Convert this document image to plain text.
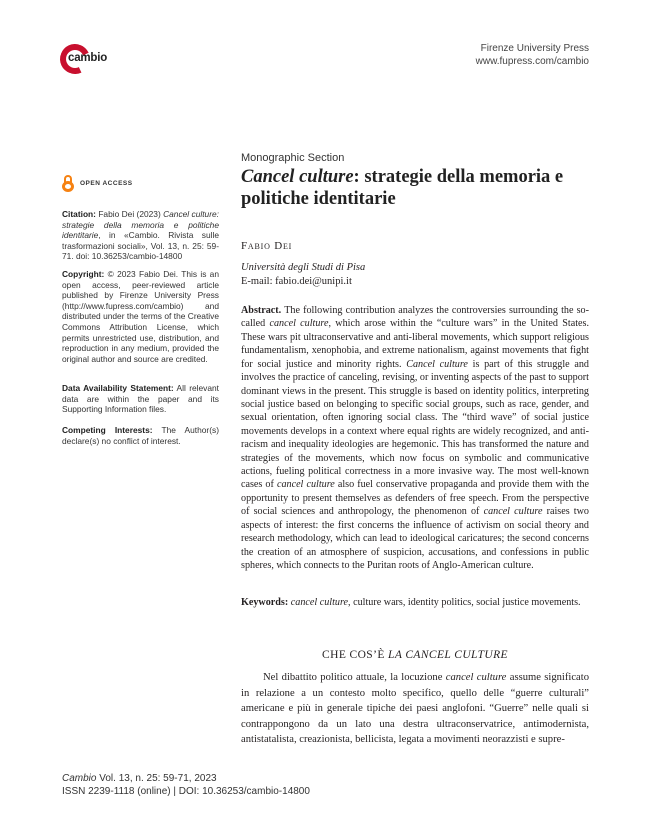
cambio
Firenze University Press
www.fupress.com/cambio
OPEN ACCESS
Citation: Fabio Dei (2023) Cancel culture: strategie della memoria e politiche identitarie, in «Cambio. Rivista sulle trasformazioni sociali», Vol. 13, n. 25: 59-71. doi: 10.36253/cambio-14800
Copyright: © 2023 Fabio Dei. This is an open access, peer-reviewed article published by Firenze University Press (http://www.fupress.com/cambio) and distributed under the terms of the Creative Commons Attribution License, which permits unrestricted use, distribution, and reproduction in any medium, provided the original author and source are credited.
Data Availability Statement: All relevant data are within the paper and its Supporting Information files.
Competing Interests: The Author(s) declare(s) no conflict of interest.
Monographic Section
Cancel culture: strategie della memoria e politiche identitarie
Fabio Dei
Università degli Studi di Pisa
E-mail: fabio.dei@unipi.it
Abstract. The following contribution analyzes the controversies surrounding the so-called cancel culture, which arose within the “culture wars” in the United States. These wars pit ultraconservative and anti-liberal movements, which support religious fundamentalism, xenophobia, and extreme nationalism, against movements that fight for social justice and minority rights. Cancel culture is part of this struggle and involves the practice of canceling, revising, or inventing aspects of the past to support dominant views in the present. This struggle is based on identity politics, interpreting social justice based on belonging to specific social groups, such as race, gender, and sexual orientation, often ignoring social class. The “third wave” of social justice movements develops in a context where equal rights are widely recognized, and anti-racism and inequality ideologies are hegemonic. This has transformed the nature and strategies of the movements, which now focus on symbolic and communicative actions, fueling political correctness in a more invasive way. The most well-known cases of cancel culture also fuel conservative propaganda and provide them with the opportunity to present themselves as defenders of free speech. From the perspective of social sciences and anthropology, the phenomenon of cancel culture raises two aspects of interest: the first concerns the influence of activism on social theory and research methodology, which can lead to ideological caricatures; the second concerns the creation of an atmosphere of suspicion, accusations, and confessions in public spheres, which connects to the Puritan roots of Anglo-American culture.
Keywords: cancel culture, culture wars, identity politics, social justice movements.
CHE COS’È LA CANCEL CULTURE
Nel dibattito politico attuale, la locuzione cancel culture assume significato in relazione a un contesto molto specifico, quello delle “guerre culturali” americane e più in generale tipiche dei paesi anglofoni. “Guerre” nelle quali si contrappongono da un lato una destra ultraconservatrice, antimodernista, antistatalista, creazionista, bellicista, legata a movimenti neorazzisti e supre-
Cambio Vol. 13, n. 25: 59-71, 2023
ISSN 2239-1118 (online) | DOI: 10.36253/cambio-14800
